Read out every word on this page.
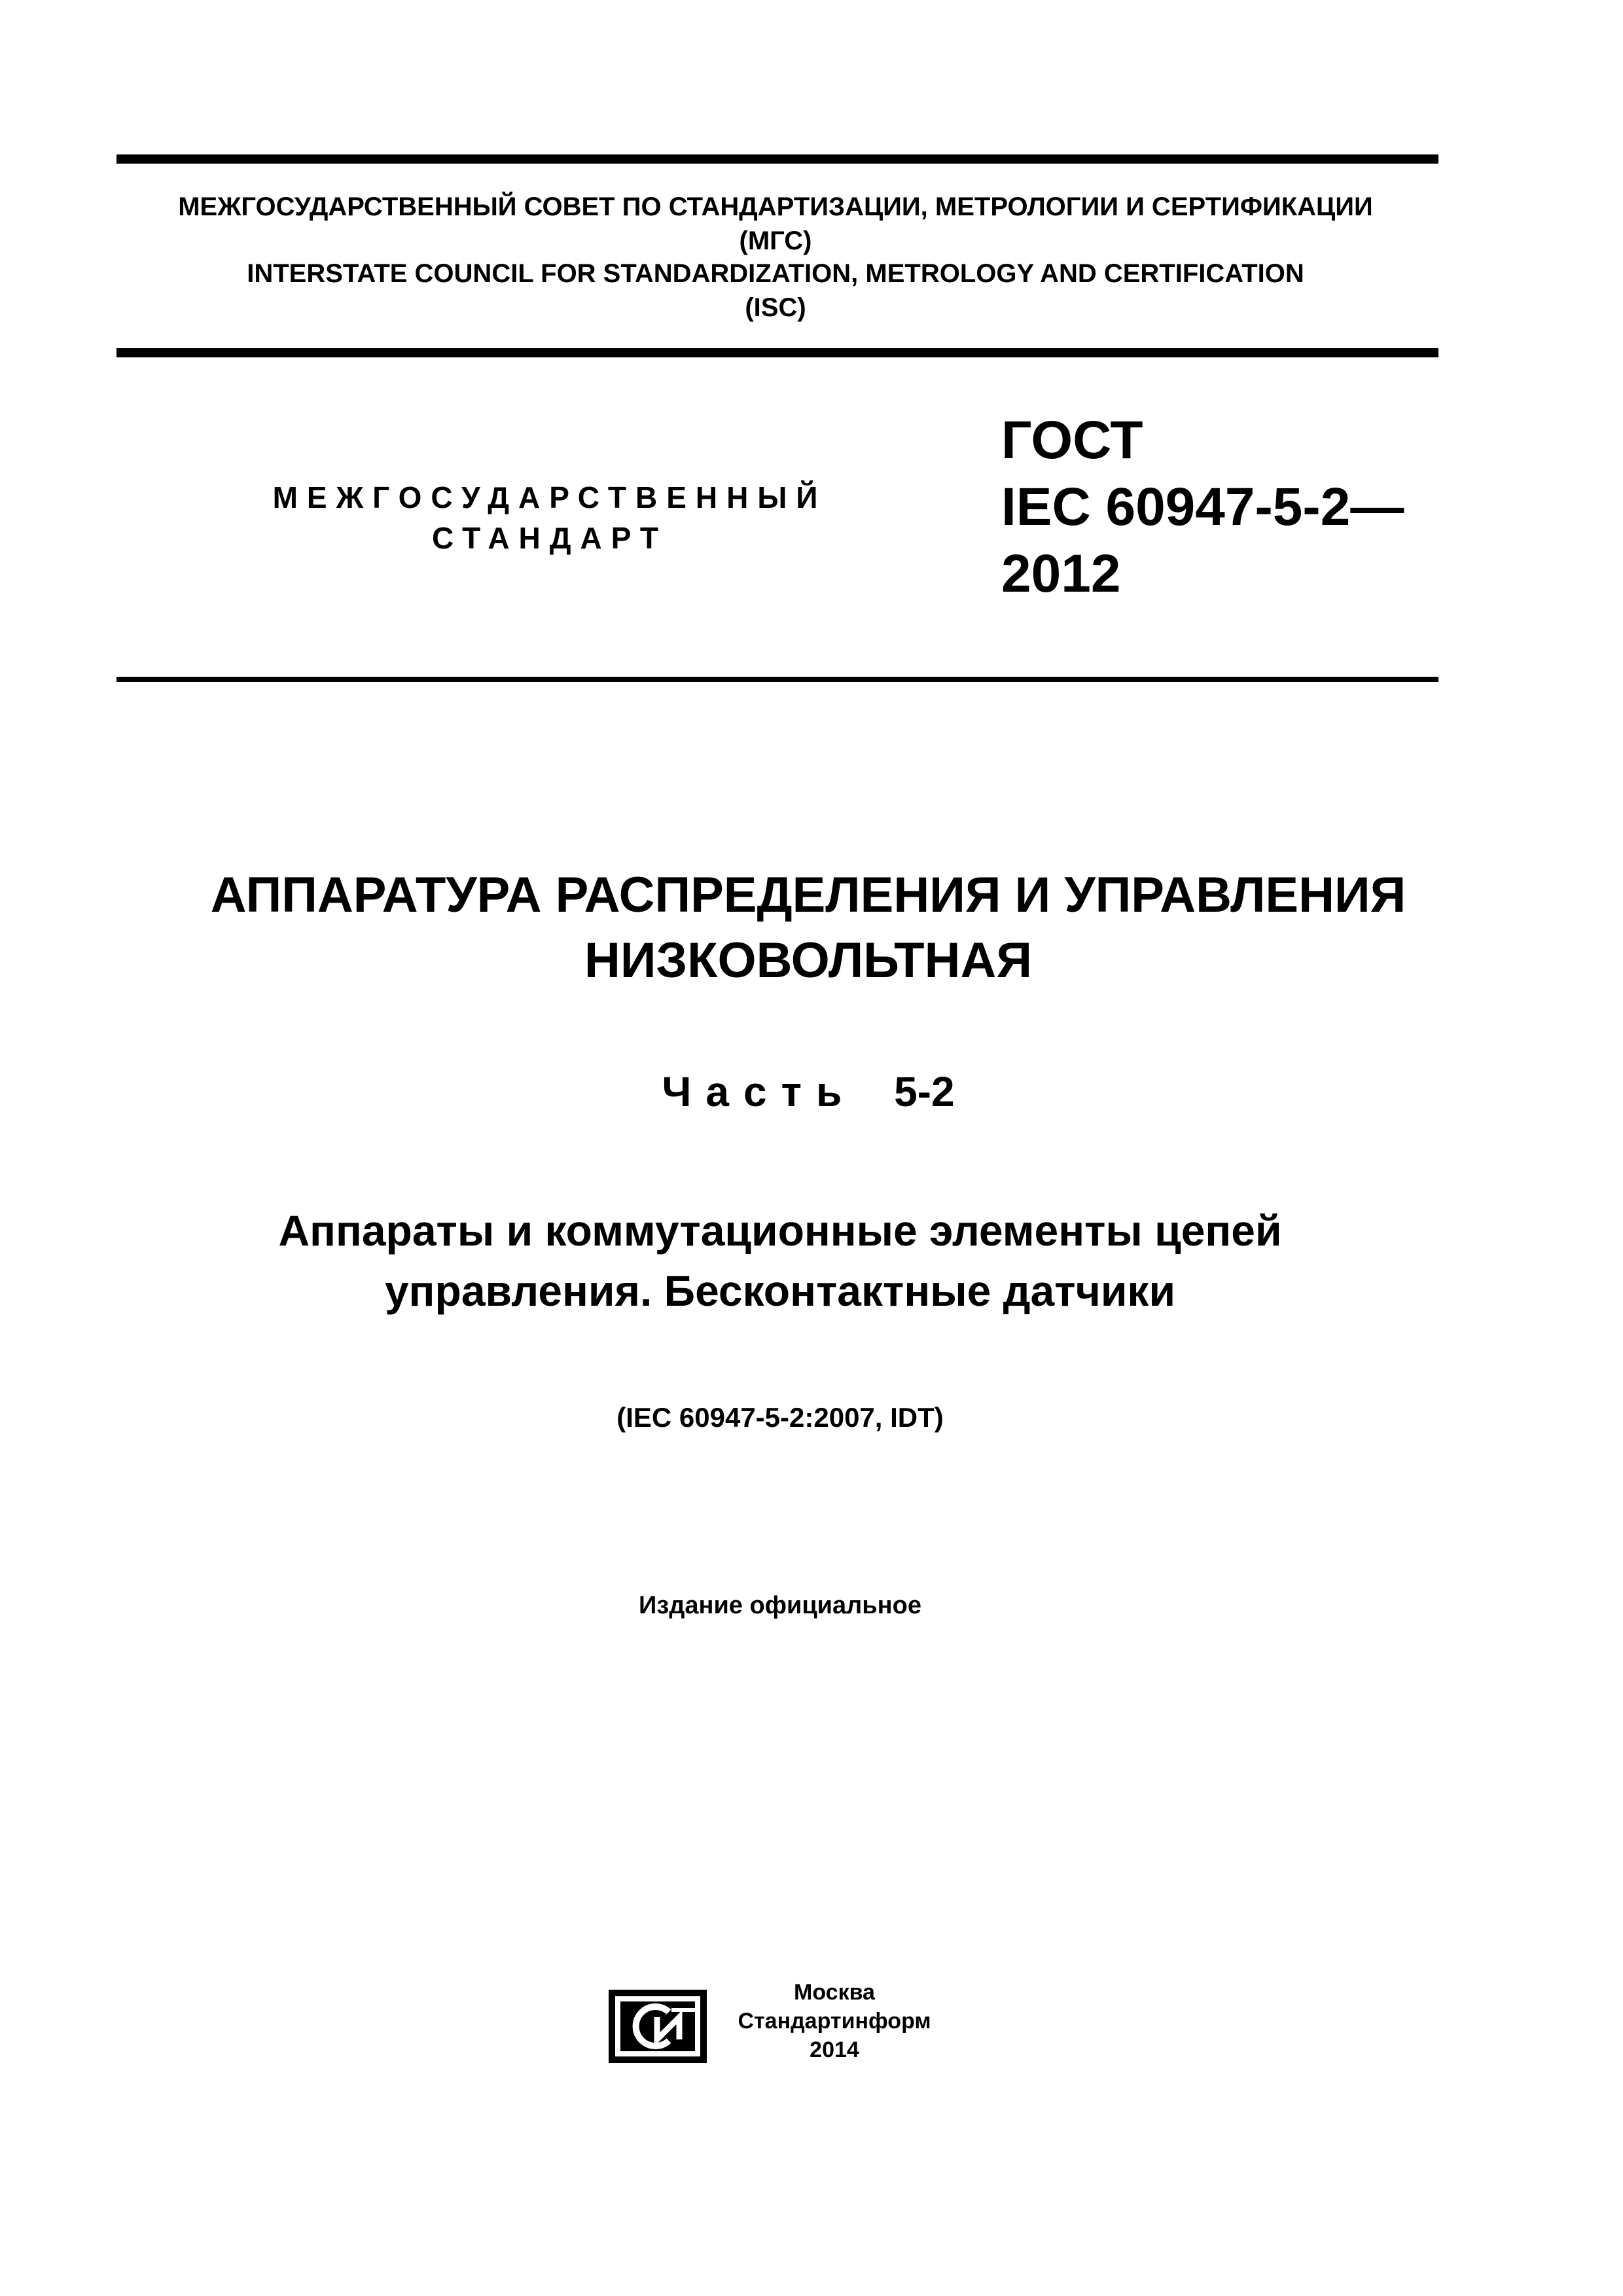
МЕЖГОСУДАРСТВЕННЫЙ СОВЕТ ПО СТАНДАРТИЗАЦИИ, МЕТРОЛОГИИ И СЕРТИФИКАЦИИ
(МГС)
INTERSTATE COUNCIL FOR STANDARDIZATION, METROLOGY AND CERTIFICATION
(ISC)
МЕЖГОСУДАРСТВЕННЫЙ
СТАНДАРТ
ГОСТ
IEC 60947-5-2—
2012
АППАРАТУРА РАСПРЕДЕЛЕНИЯ И УПРАВЛЕНИЯ
НИЗКОВОЛЬТНАЯ
Часть 5-2
Аппараты и коммутационные элементы цепей
управления. Бесконтактные датчики
(IEC 60947-5-2:2007, IDT)
Издание официальное
Москва
Стандартинформ
2014
